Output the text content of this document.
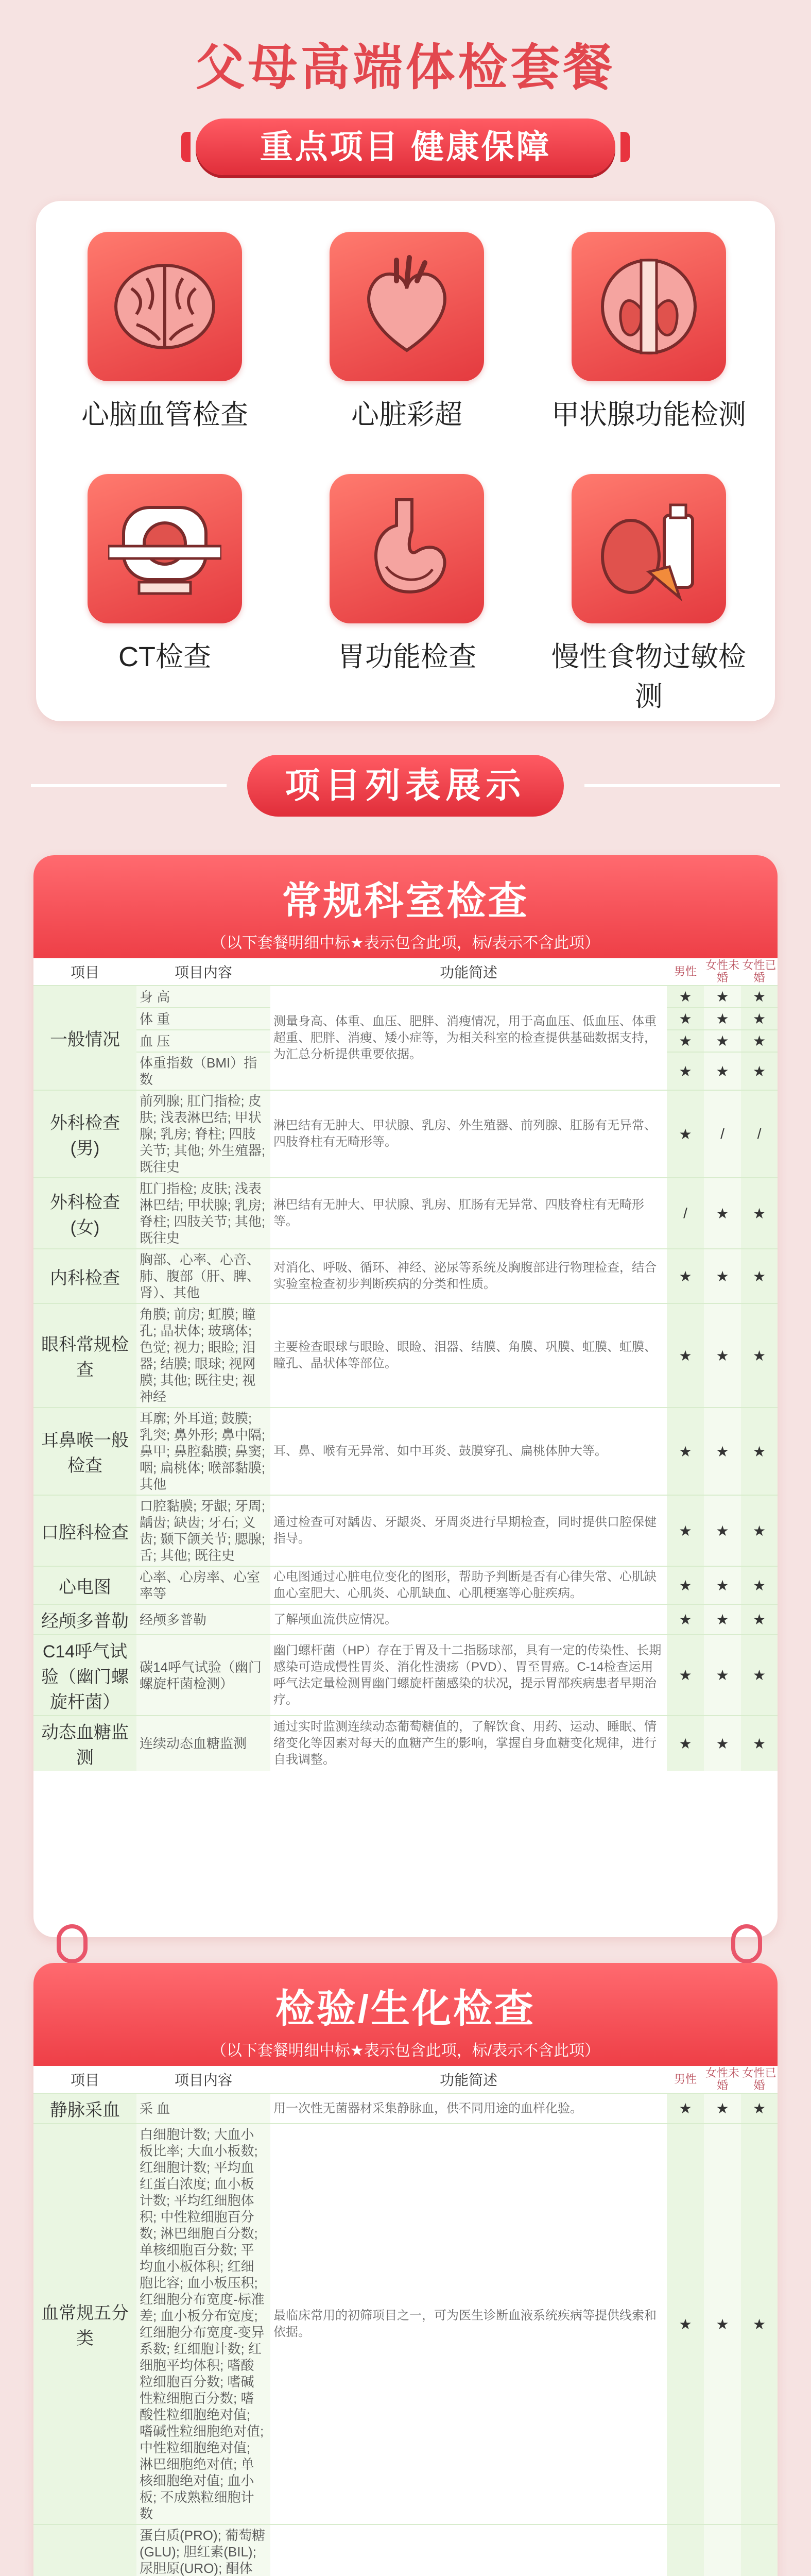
父母高端体检套餐
重点项目 健康保障
心脑血管检查	心脏彩超	甲状腺功能检测
CT检查	胃功能检查	慢性食物过敏检测
项目列表展示
常规科室检查
（以下套餐明细中标★表示包含此项，标/表示不含此项）
项目	项目内容	功能简述	男性	女性未婚	女性已婚
一般情况	身 高	测量身高、体重、血压、肥胖、消瘦情况，用于高血压、低血压、体重超重、肥胖、消瘦、矮小症等，为相关科室的检查提供基础数据支持，为汇总分析提供重要依据。	★	★	★
	体 重		★	★	★
	血 压		★	★	★
	体重指数（BMI）指数		★	★	★
外科检查(男)	前列腺; 肛门指检; 皮肤; 浅表淋巴结; 甲状腺; 乳房; 脊柱; 四肢关节; 其他; 外生殖器; 既往史	淋巴结有无肿大、甲状腺、乳房、外生殖器、前列腺、肛肠有无异常、四肢脊柱有无畸形等。	★	/	/
外科检查(女)	肛门指检; 皮肤; 浅表淋巴结; 甲状腺; 乳房; 脊柱; 四肢关节; 其他; 既往史	淋巴结有无肿大、甲状腺、乳房、肛肠有无异常、四肢脊柱有无畸形等。	/	★	★
内科检查	胸部、心率、心音、肺、腹部（肝、脾、肾）、其他	对消化、呼吸、循环、神经、泌尿等系统及胸腹部进行物理检查，结合实验室检查初步判断疾病的分类和性质。	★	★	★
眼科常规检查	角膜; 前房; 虹膜; 瞳孔; 晶状体; 玻璃体; 色觉; 视力; 眼睑; 泪器; 结膜; 眼球; 视网膜; 其他; 既往史; 视神经	主要检查眼球与眼睑、眼睑、泪器、结膜、角膜、巩膜、虹膜、虹膜、瞳孔、晶状体等部位。	★	★	★
耳鼻喉一般检查	耳廓; 外耳道; 鼓膜; 乳突; 鼻外形; 鼻中隔; 鼻甲; 鼻腔黏膜; 鼻窦; 咽; 扁桃体; 喉部黏膜; 其他	耳、鼻、喉有无异常、如中耳炎、鼓膜穿孔、扁桃体肿大等。	★	★	★
口腔科检查	口腔黏膜; 牙龈; 牙周; 龋齿; 缺齿; 牙石; 义齿; 颞下颌关节; 腮腺; 舌; 其他; 既往史	通过检查可对龋齿、牙龈炎、牙周炎进行早期检查，同时提供口腔保健指导。	★	★	★
心电图	心率、心房率、心室率等	心电图通过心脏电位变化的图形，帮助予判断是否有心律失常、心肌缺血心室肥大、心肌炎、心肌缺血、心肌梗塞等心脏疾病。	★	★	★
经颅多普勒	经颅多普勒	了解颅血流供应情况。	★	★	★
C14呼气试验（幽门螺旋杆菌）	碳14呼气试验（幽门螺旋杆菌检测）	幽门螺杆菌（HP）存在于胃及十二指肠球部，具有一定的传染性、长期感染可造成慢性胃炎、消化性溃疡（PVD）、胃至胃癌。C-14检查运用呼气法定量检测胃幽门螺旋杆菌感染的状况，提示胃部疾病患者早期治疗。	★	★	★
动态血糖监测	连续动态血糖监测	通过实时监测连续动态葡萄糖值的，了解饮食、用药、运动、睡眠、情绪变化等因素对每天的血糖产生的影响，掌握自身血糖变化规律，进行自我调整。	★	★	★
检验/生化检查
（以下套餐明细中标★表示包含此项，标/表示不含此项）
项目	项目内容	功能简述	男性	女性未婚	女性已婚
静脉采血	采 血	用一次性无菌器材采集静脉血，供不同用途的血样化验。	★	★	★
血常规五分类	白细胞计数; 大血小板比率; 大血小板数; 红细胞计数; 平均血红蛋白浓度; 血小板计数; 平均红细胞体积; 中性粒细胞百分数; 淋巴细胞百分数; 单核细胞百分数; 平均血小板体积; 红细胞比容; 血小板压积; 红细胞分布宽度-标准差; 血小板分布宽度; 红细胞分布宽度-变异系数; 红细胞计数; 红细胞平均体积; 嗜酸粒细胞百分数; 嗜碱性粒细胞百分数; 嗜酸性粒细胞绝对值; 嗜碱性粒细胞绝对值; 中性粒细胞绝对值; 淋巴细胞绝对值; 单核细胞绝对值; 血小板; 不成熟粒细胞计数	最临床常用的初筛项目之一，可为医生诊断血液系统疾病等提供线索和依据。	★	★	★
	蛋白质(PRO); 葡萄糖(GLU); 胆红素(BIL); 尿胆原(URO); 酮体				
